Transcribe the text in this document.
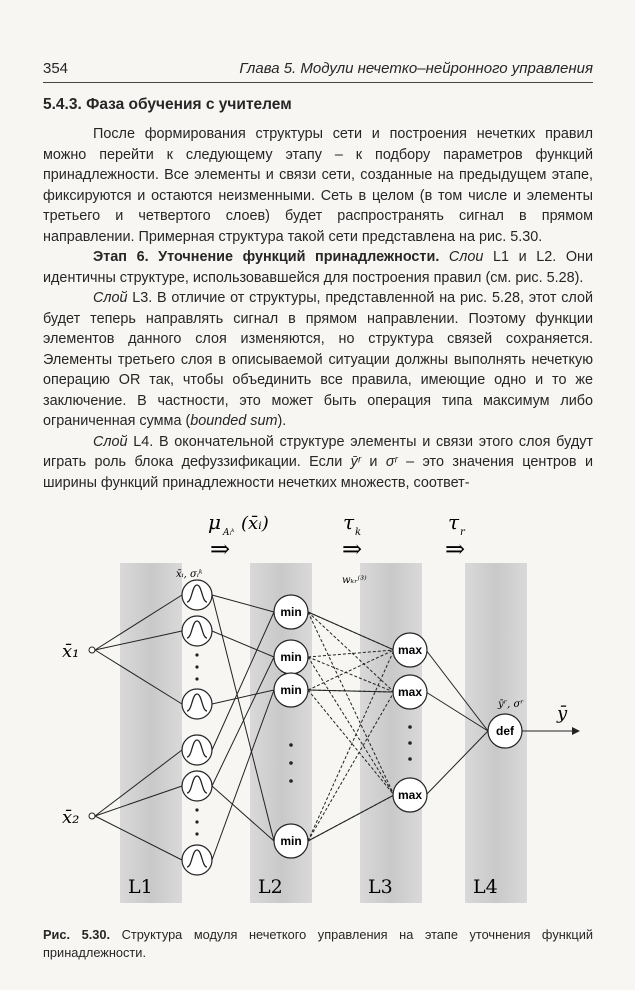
354	Глава 5. Модули нечетко–нейронного управления
5.4.3. Фаза обучения с учителем

После формирования структуры сети и построения нечетких правил можно перейти к следующему этапу – к подбору параметров функций принадлежности. Все элементы и связи сети, созданные на предыдущем этапе, фиксируются и остаются неизменными. Сеть в целом (в том числе и элементы третьего и четвертого слоев) будет распространять сигнал в прямом направлении. Примерная структура такой сети представлена на рис. 5.30.

Этап 6. Уточнение функций принадлежности. Слои L1 и L2. Они идентичны структуре, использовавшейся для построения правил (см. рис. 5.28).

Слой L3. В отличие от структуры, представленной на рис. 5.28, этот слой будет теперь направлять сигнал в прямом направлении. Поэтому функции элементов данного слоя изменяются, но структура связей сохраняется. Элементы третьего слоя в описываемой ситуации должны выполнять нечеткую операцию OR так, чтобы объединить все правила, имеющие одно и то же заключение. В частности, это может быть операция типа максимум либо ограниченная сумма (bounded sum).

Слой L4. В окончательной структуре элементы и связи этого слоя будут играть роль блока дефуззификации. Если ȳʳ и σʳ – это значения центров и ширины функций принадлежности нечетких множеств, соответ-

μ Aᵢᵏ (x̄ᵢ)	τ k	τ r
⇒	⇒	⇒
x̄ᵢ, σᵢᵏ
wₖᵣ⁽³⁾
ȳʳ, σʳ
x̄₁
x̄₂
ȳ
min
min
min
min
max
max
max
def
L1	L2	L3	L4
Рис. 5.30. Структура модуля нечеткого управления на этапе уточнения функций принадлежности.
